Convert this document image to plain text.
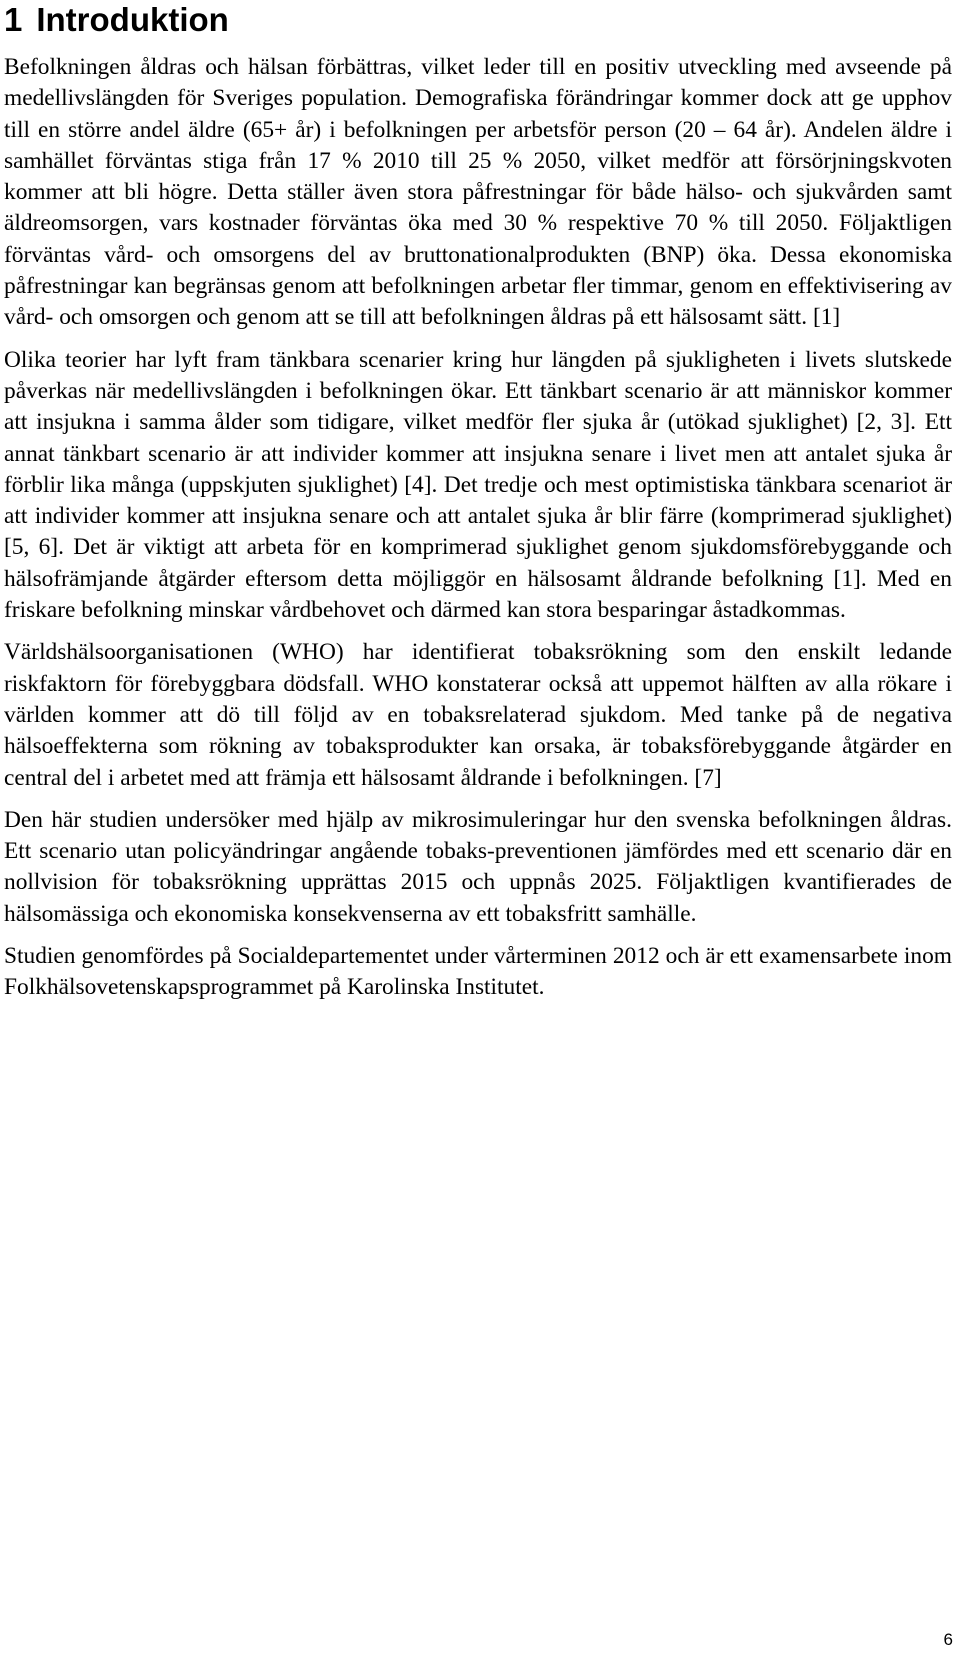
1 Introduktion

Befolkningen åldras och hälsan förbättras, vilket leder till en positiv utveckling med avseende på medellivslängden för Sveriges population. Demografiska förändringar kommer dock att ge upphov till en större andel äldre (65+ år) i befolkningen per arbetsför person (20 – 64 år). Andelen äldre i samhället förväntas stiga från 17 % 2010 till 25 % 2050, vilket medför att försörjningskvoten kommer att bli högre. Detta ställer även stora påfrestningar för både hälso- och sjukvården samt äldreomsorgen, vars kostnader förväntas öka med 30 % respektive 70 % till 2050. Följaktligen förväntas vård- och omsorgens del av bruttonationalprodukten (BNP) öka. Dessa ekonomiska påfrestningar kan begränsas genom att befolkningen arbetar fler timmar, genom en effektivisering av vård- och omsorgen och genom att se till att befolkningen åldras på ett hälsosamt sätt. [1]

Olika teorier har lyft fram tänkbara scenarier kring hur längden på sjukligheten i livets slutskede påverkas när medellivslängden i befolkningen ökar. Ett tänkbart scenario är att människor kommer att insjukna i samma ålder som tidigare, vilket medför fler sjuka år (utökad sjuklighet) [2, 3]. Ett annat tänkbart scenario är att individer kommer att insjukna senare i livet men att antalet sjuka år förblir lika många (uppskjuten sjuklighet) [4]. Det tredje och mest optimistiska tänkbara scenariot är att individer kommer att insjukna senare och att antalet sjuka år blir färre (komprimerad sjuklighet) [5, 6]. Det är viktigt att arbeta för en komprimerad sjuklighet genom sjukdomsförebyggande och hälsofrämjande åtgärder eftersom detta möjliggör en hälsosamt åldrande befolkning [1]. Med en friskare befolkning minskar vårdbehovet och därmed kan stora besparingar åstadkommas.

Världshälsoorganisationen (WHO) har identifierat tobaksrökning som den enskilt ledande riskfaktorn för förebyggbara dödsfall. WHO konstaterar också att uppemot hälften av alla rökare i världen kommer att dö till följd av en tobaksrelaterad sjukdom. Med tanke på de negativa hälsoeffekterna som rökning av tobaksprodukter kan orsaka, är tobaksförebyggande åtgärder en central del i arbetet med att främja ett hälsosamt åldrande i befolkningen. [7]

Den här studien undersöker med hjälp av mikrosimuleringar hur den svenska befolkningen åldras. Ett scenario utan policyändringar angående tobaks-preventionen jämfördes med ett scenario där en nollvision för tobaksrökning upprättas 2015 och uppnås 2025. Följaktligen kvantifierades de hälsomässiga och ekonomiska konsekvenserna av ett tobaksfritt samhälle.

Studien genomfördes på Socialdepartementet under vårterminen 2012 och är ett examensarbete inom Folkhälsovetenskapsprogrammet på Karolinska Institutet.

6
